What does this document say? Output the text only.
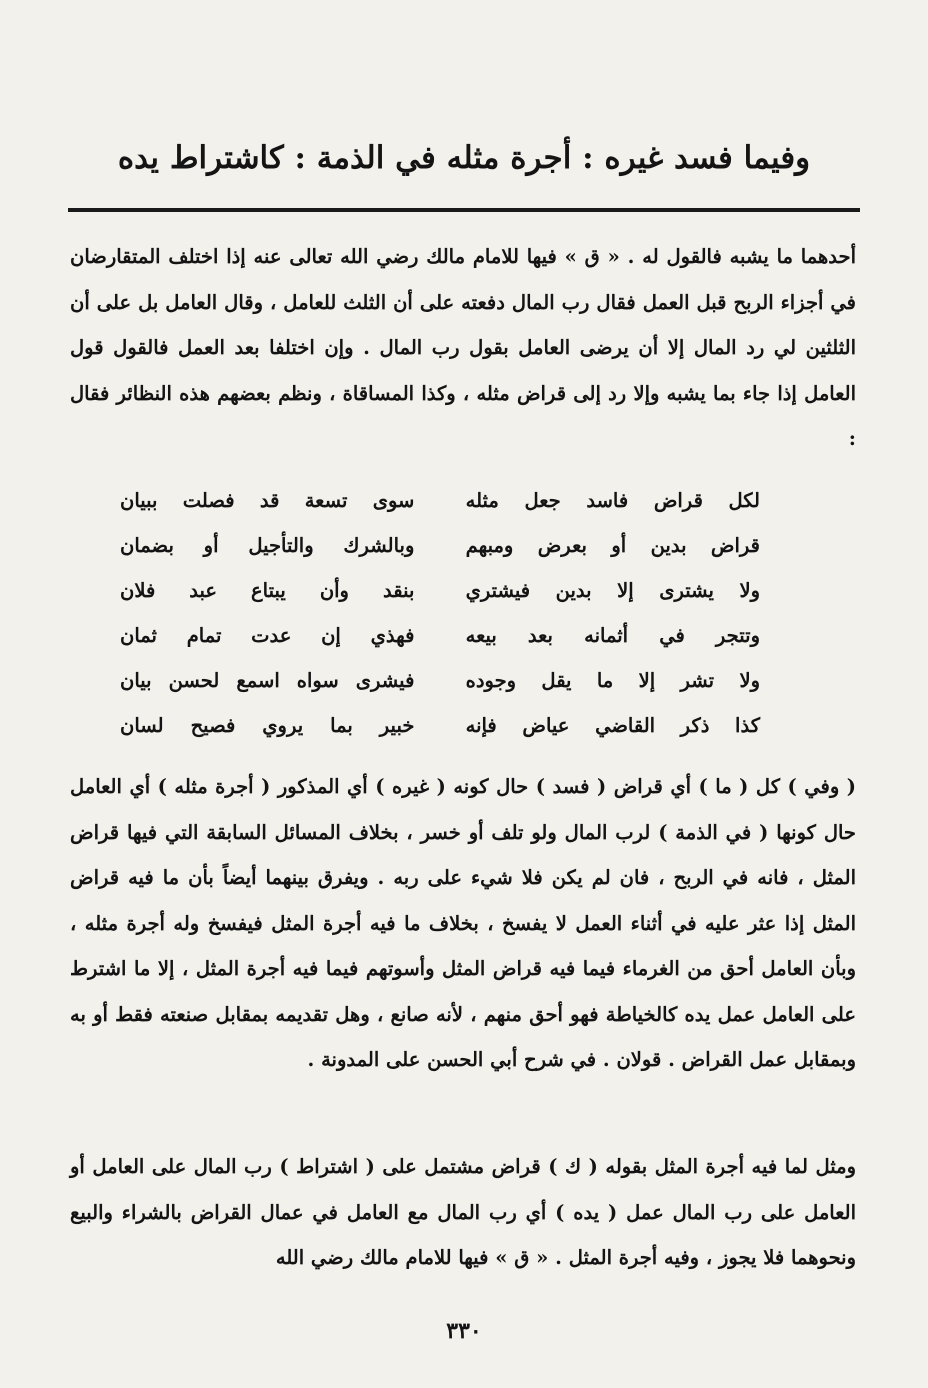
وفيما فسد غيره : أجرة مثله في الذمة : كاشتراط يده
أحدهما ما يشبه فالقول له . « ق » فيها للامام مالك رضي الله تعالى عنه إذا اختلف المتقارضان في أجزاء الربح قبل العمل فقال رب المال دفعته على أن الثلث للعامل ، وقال العامل بل على أن الثلثين لي رد المال إلا أن يرضى العامل بقول رب المال . وإن اختلفا بعد العمل فالقول قول العامل إذا جاء بما يشبه وإلا رد إلى قراض مثله ، وكذا المساقاة ، ونظم بعضهم هذه النظائر فقال :
لكل قراض فاسد جعل مثله
سوى تسعة قد فصلت ببيان
قراض بدين أو بعرض ومبهم
وبالشرك والتأجيل أو بضمان
ولا يشترى إلا بدين فيشتري
بنقد وأن يبتاع عبد فلان
وتتجر في أثمانه بعد بيعه
فهذي إن عدت تمام ثمان
ولا تشر إلا ما يقل وجوده
فيشرى سواه اسمع لحسن بيان
كذا ذكر القاضي عياض فإنه
خبير بما يروي فصيح لسان
( وفي ) كل ( ما ) أي قراض ( فسد ) حال كونه ( غيره ) أي المذكور ( أجرة مثله ) أي العامل حال كونها ( في الذمة ) لرب المال ولو تلف أو خسر ، بخلاف المسائل السابقة التي فيها قراض المثل ، فانه في الربح ، فان لم يكن فلا شيء على ربه . ويفرق بينهما أيضاً بأن ما فيه قراض المثل إذا عثر عليه في أثناء العمل لا يفسخ ، بخلاف ما فيه أجرة المثل فيفسخ وله أجرة مثله ، وبأن العامل أحق من الغرماء فيما فيه قراض المثل وأسوتهم فيما فيه أجرة المثل ، إلا ما اشترط على العامل عمل يده كالخياطة فهو أحق منهم ، لأنه صانع ، وهل تقديمه بمقابل صنعته فقط أو به وبمقابل عمل القراض . قولان . في شرح أبي الحسن على المدونة .
ومثل لما فيه أجرة المثل بقوله ( ك ) قراض مشتمل على ( اشتراط ) رب المال على العامل أو العامل على رب المال عمل ( يده ) أي رب المال مع العامل في عمال القراض بالشراء والبيع ونحوهما فلا يجوز ، وفيه أجرة المثل . « ق » فيها للامام مالك رضي الله
٣٣٠
